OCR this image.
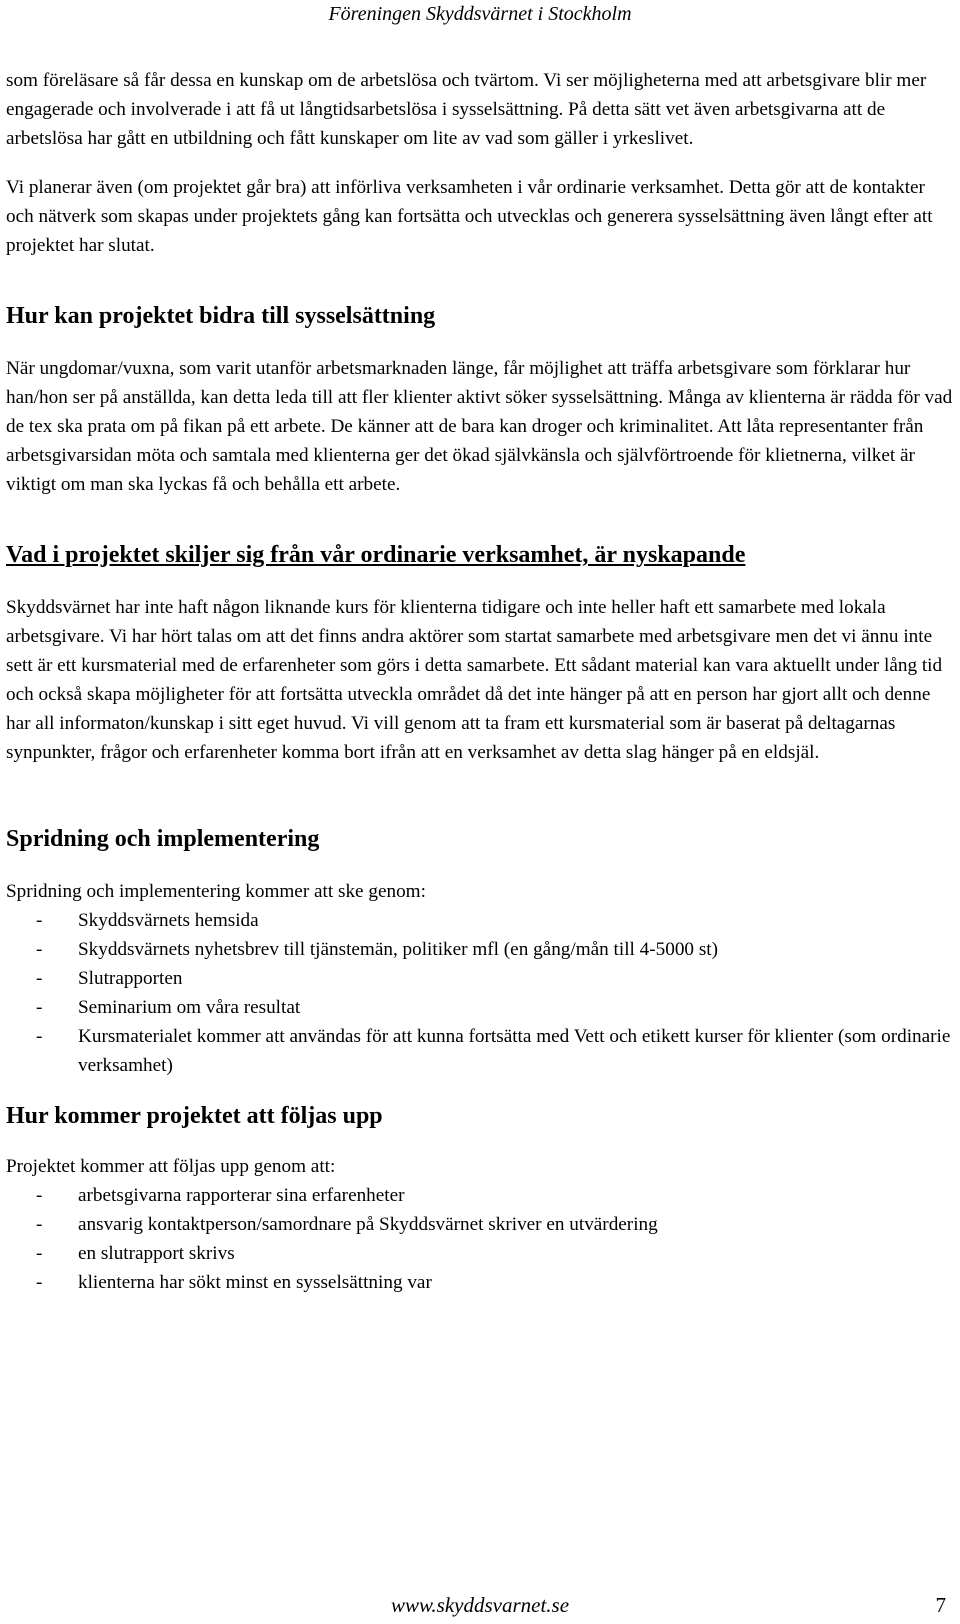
Föreningen Skyddsvärnet i Stockholm

som föreläsare så får dessa en kunskap om de arbetslösa och tvärtom. Vi ser möjligheterna med att arbetsgivare blir mer engagerade och involverade i att få ut långtidsarbetslösa i sysselsättning. På detta sätt vet även arbetsgivarna att de arbetslösa har gått en utbildning och fått kunskaper om lite av vad som gäller i yrkeslivet.

Vi planerar även (om projektet går bra) att införliva verksamheten i vår ordinarie verksamhet. Detta gör att de kontakter och nätverk som skapas under projektets gång kan fortsätta och utvecklas och generera sysselsättning även långt efter att projektet har slutat.

Hur kan projektet bidra till sysselsättning

När ungdomar/vuxna, som varit utanför arbetsmarknaden länge, får möjlighet att träffa arbetsgivare som förklarar hur han/hon ser på anställda, kan detta leda till att fler klienter aktivt söker sysselsättning. Många av klienterna är rädda för vad de tex ska prata om på fikan på ett arbete. De känner att de bara kan droger och kriminalitet. Att låta representanter från arbetsgivarsidan möta och samtala med klienterna ger det ökad självkänsla och självförtroende för klietnerna, vilket är viktigt om man ska lyckas få och behålla ett arbete.

Vad i projektet skiljer sig från vår ordinarie verksamhet, är nyskapande

Skyddsvärnet har inte haft någon liknande kurs för klienterna tidigare och inte heller haft ett samarbete med lokala arbetsgivare. Vi har hört talas om att det finns andra aktörer som startat samarbete med arbetsgivare men det vi ännu inte sett är ett kursmaterial med de erfarenheter som görs i detta samarbete. Ett sådant material kan vara aktuellt under lång tid och också skapa möjligheter för att fortsätta utveckla området då det inte hänger på att en person har gjort allt och denne har all informaton/kunskap i sitt eget huvud. Vi vill genom att ta fram ett kursmaterial som är baserat på deltagarnas synpunkter, frågor och erfarenheter komma bort ifrån att en verksamhet av detta slag hänger på en eldsjäl.

Spridning och implementering

Spridning och implementering kommer att ske genom:

- Skyddsvärnets hemsida
- Skyddsvärnets nyhetsbrev till tjänstemän, politiker mfl (en gång/mån till 4-5000 st)
- Slutrapporten
- Seminarium om våra resultat
- Kursmaterialet kommer att användas för att kunna fortsätta med Vett och etikett kurser för klienter (som ordinarie verksamhet)
Hur kommer projektet att följas upp

Projektet kommer att följas upp genom att:

- arbetsgivarna rapporterar sina erfarenheter
- ansvarig kontaktperson/samordnare på Skyddsvärnet skriver en utvärdering
- en slutrapport skrivs
- klienterna har sökt minst en sysselsättning var
www.skyddsvarnet.se	7
